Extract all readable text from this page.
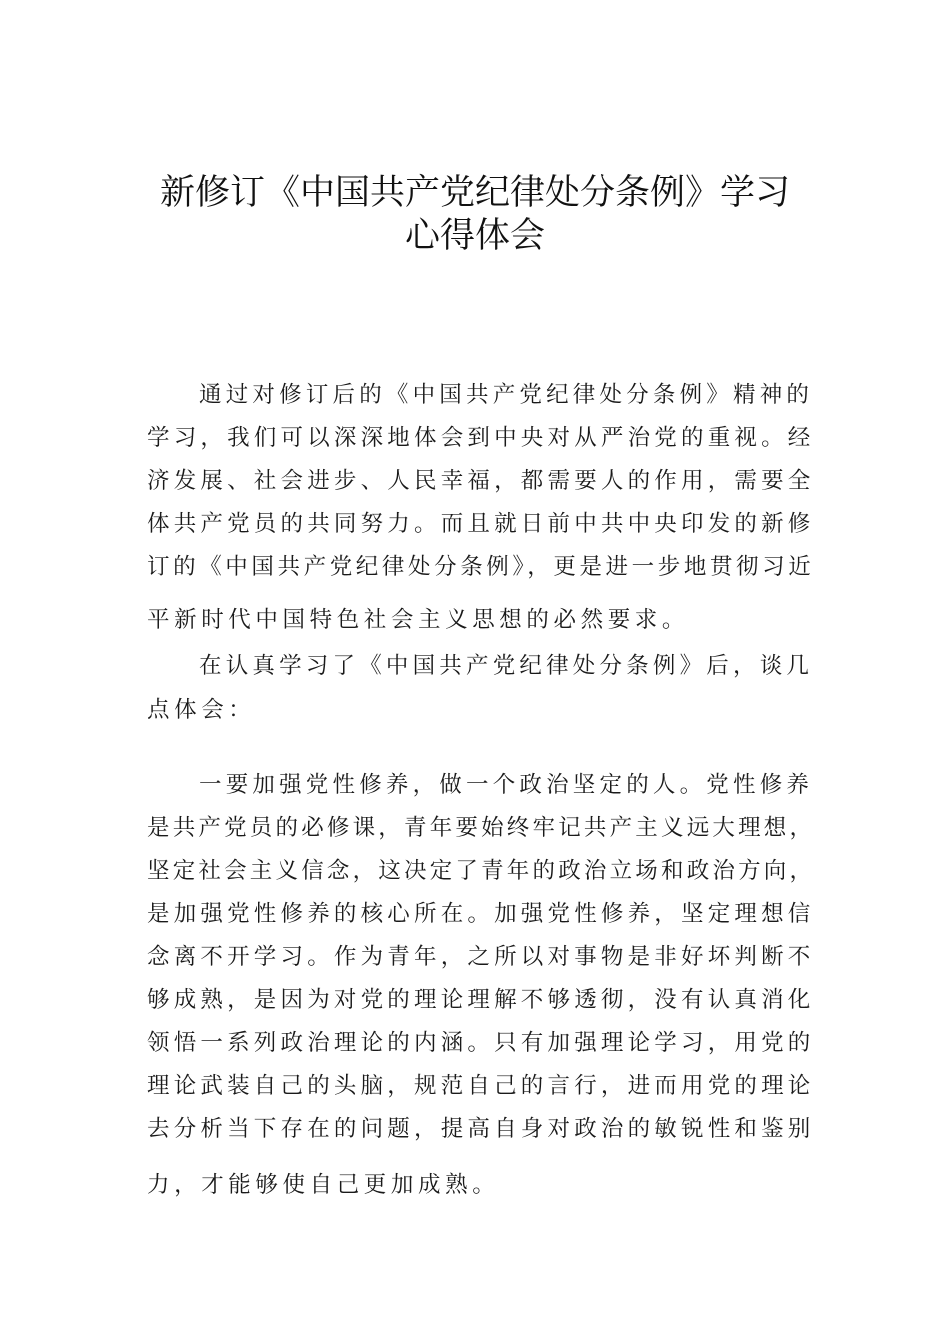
新修订《中国共产党纪律处分条例》学习
心得体会
通过对修订后的《中国共产党纪律处分条例》精神的
学习，我们可以深深地体会到中央对从严治党的重视。经
济发展、社会进步、人民幸福，都需要人的作用，需要全
体共产党员的共同努力。而且就日前中共中央印发的新修
订的《中国共产党纪律处分条例》，更是进一步地贯彻习近
平新时代中国特色社会主义思想的必然要求。
在认真学习了《中国共产党纪律处分条例》后，谈几
点体会：
一要加强党性修养，做一个政治坚定的人。党性修养
是共产党员的必修课，青年要始终牢记共产主义远大理想，
坚定社会主义信念，这决定了青年的政治立场和政治方向，
是加强党性修养的核心所在。加强党性修养，坚定理想信
念离不开学习。作为青年，之所以对事物是非好坏判断不
够成熟，是因为对党的理论理解不够透彻，没有认真消化
领悟一系列政治理论的内涵。只有加强理论学习，用党的
理论武装自己的头脑，规范自己的言行，进而用党的理论
去分析当下存在的问题，提高自身对政治的敏锐性和鉴别
力，才能够使自己更加成熟。
